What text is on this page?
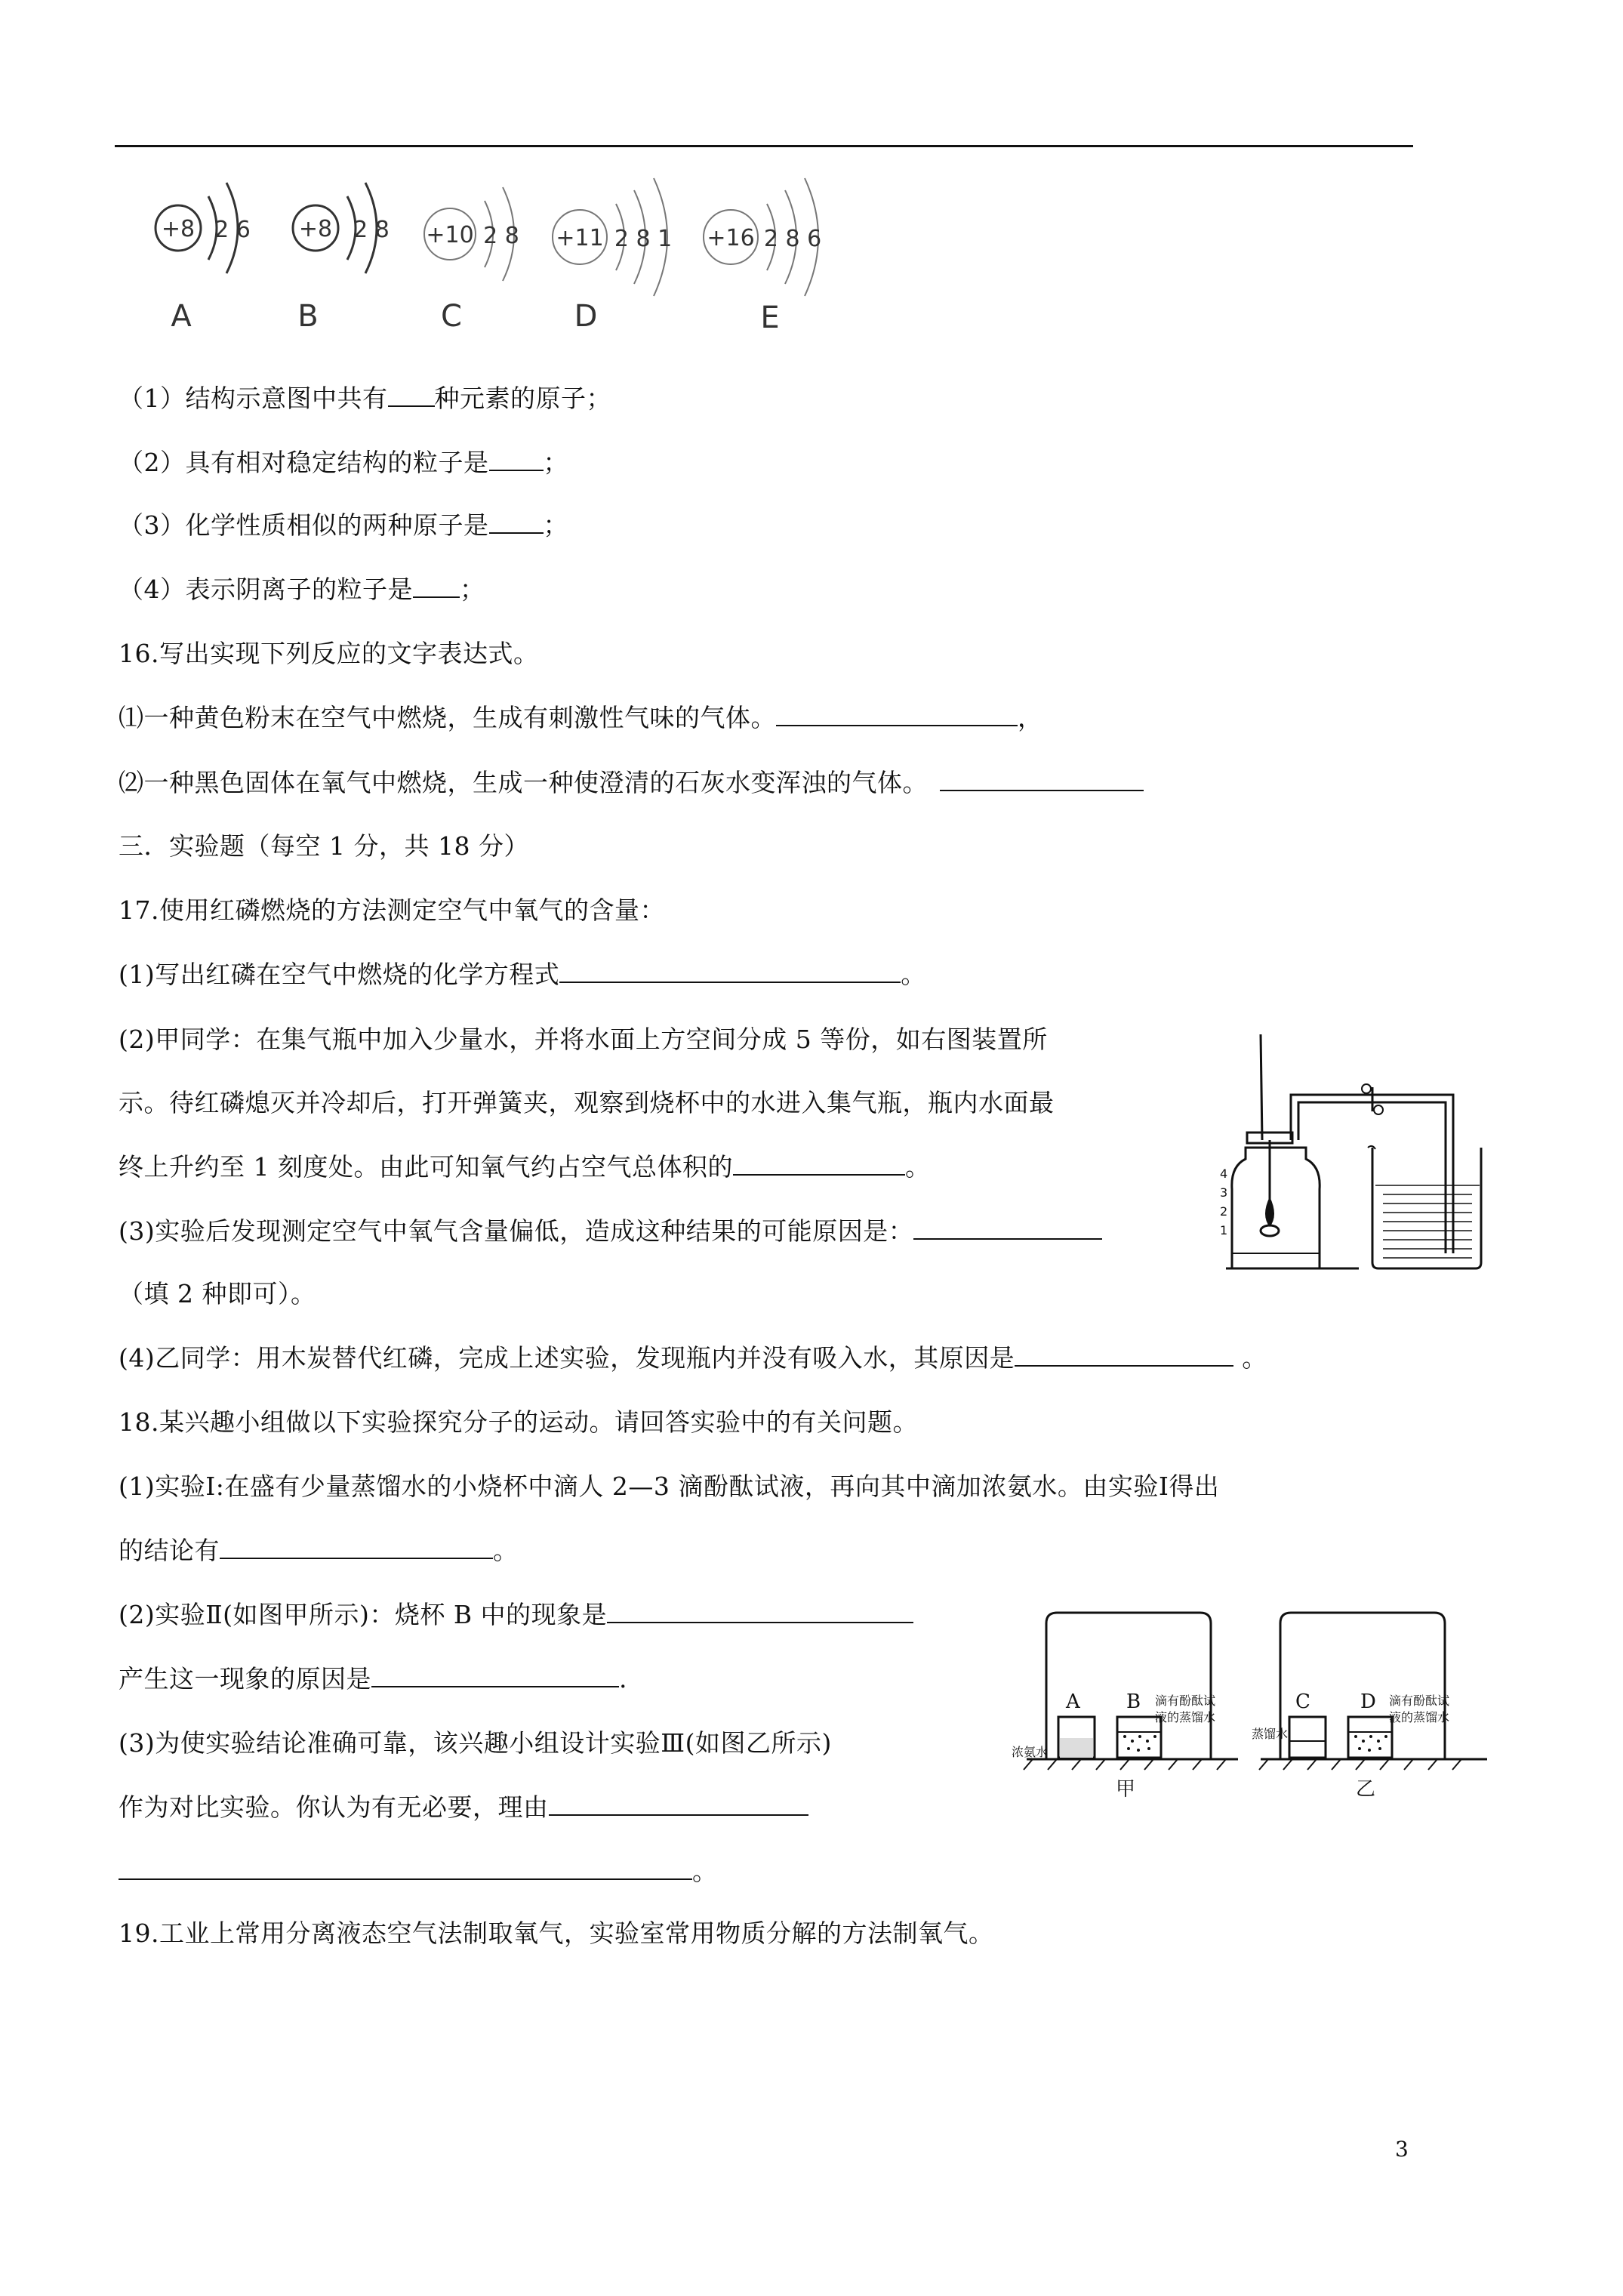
+8 2 6
A
+8 2 8
B
+10 2 8
C
+11 2 8 1
D
+16 2 8 6
E
（1）结构示意图中共有 种元素的原子；
（2）具有相对稳定结构的粒子是 ；
（3）化学性质相似的两种原子是 ；
（4）表示阴离子的粒子是 ；
16.写出实现下列反应的文字表达式。
⑴一种黄色粉末在空气中燃烧，生成有刺激性气味的气体。	，
⑵一种黑色固体在氧气中燃烧，生成一种使澄清的石灰水变浑浊的气体。
三．实验题（每空 1 分，共 18 分）
17.使用红磷燃烧的方法测定空气中氧气的含量：
(1)写出红磷在空气中燃烧的化学方程式	。
(2)甲同学：在集气瓶中加入少量水，并将水面上方空间分成 5 等份，如右图装置所
示。待红磷熄灭并冷却后，打开弹簧夹，观察到烧杯中的水进入集气瓶，瓶内水面最
终上升约至 1 刻度处。由此可知氧气约占空气总体积的	。
(3)实验后发现测定空气中氧气含量偏低，造成这种结果的可能原因是：
（填 2 种即可）。
(4)乙同学：用木炭替代红磷，完成上述实验，发现瓶内并没有吸入水，其原因是	。
4
3
2
1
18.某兴趣小组做以下实验探究分子的运动。请回答实验中的有关问题。
(1)实验Ⅰ:在盛有少量蒸馏水的小烧杯中滴人 2—3 滴酚酞试液，再向其中滴加浓氨水。由实验Ⅰ得出
的结论有	。
(2)实验Ⅱ(如图甲所示)：烧杯 B 中的现象是
产生这一现象的原因是	.
(3)为使实验结论准确可靠，该兴趣小组设计实验Ⅲ(如图乙所示)
作为对比实验。你认为有无必要，理由
。
A B
浓氨水
滴有酚酞试
液的蒸馏水
甲
C	D
蒸馏水
滴有酚酞试
液的蒸馏水
乙
19.工业上常用分离液态空气法制取氧气，实验室常用物质分解的方法制氧气。
3
